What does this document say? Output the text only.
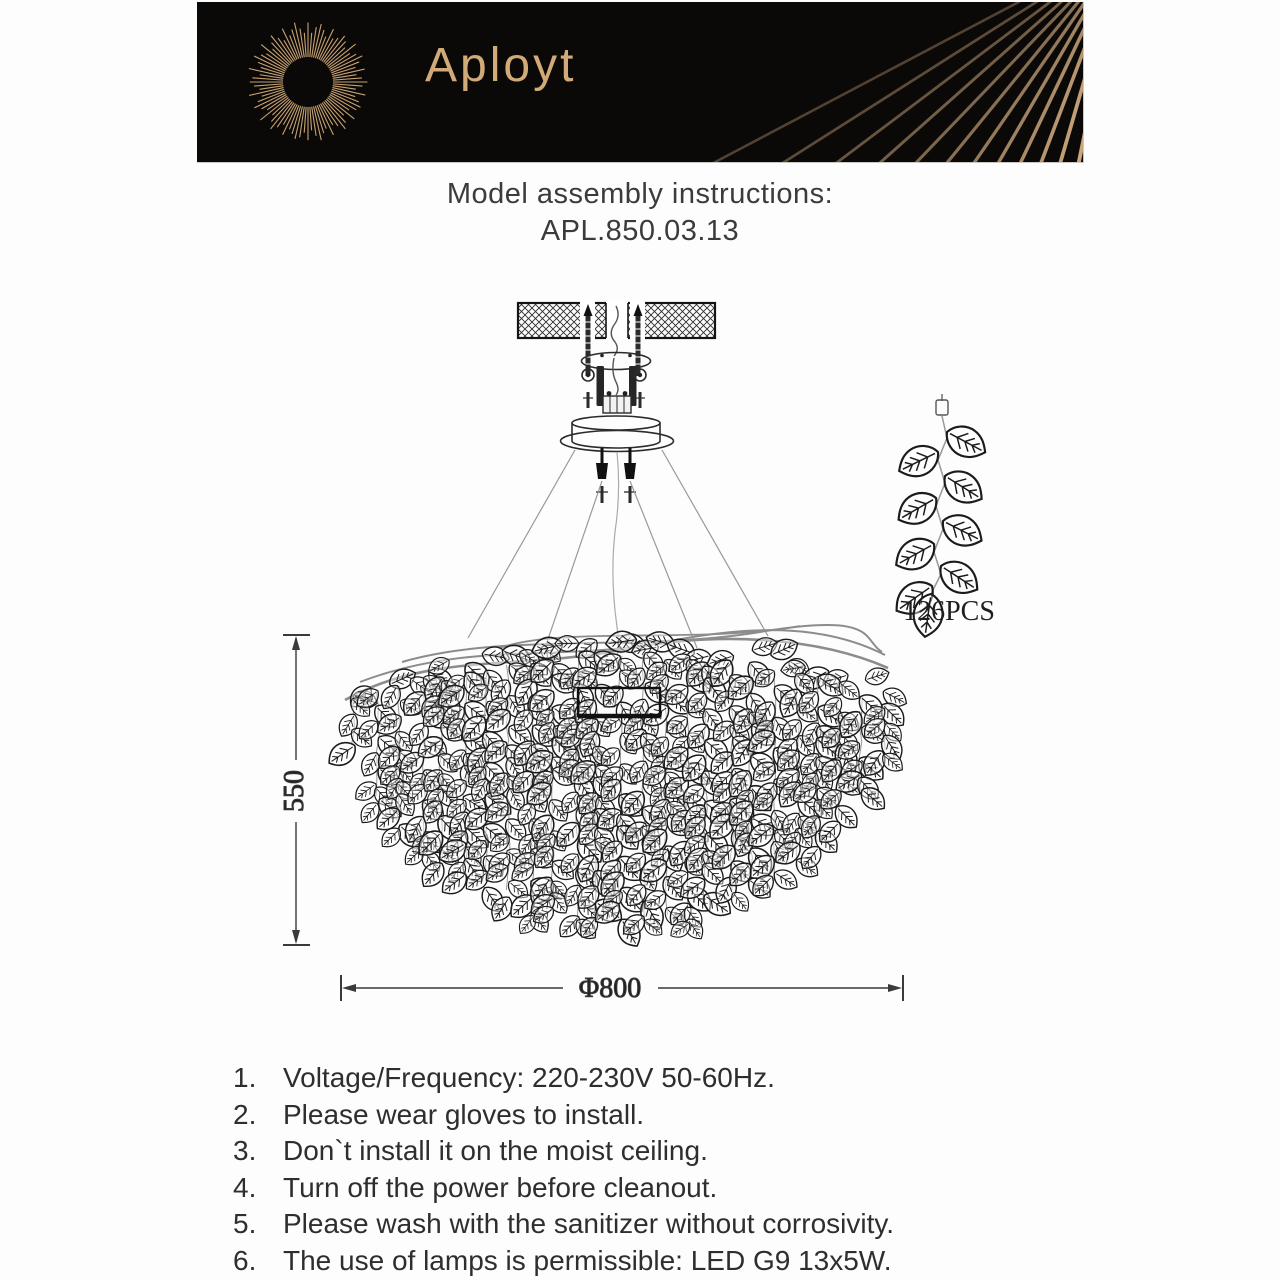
Aployt
Model assembly instructions:
APL.850.03.13
126PCS
550
Φ800
1. Voltage/Frequency: 220-230V 50-60Hz.
2. Please wear gloves to install.
3. Don`t install it on the moist ceiling.
4. Turn off the power before cleanout.
5. Please wash with the sanitizer without corrosivity.
6. The use of lamps is permissible: LED G9 13x5W.
